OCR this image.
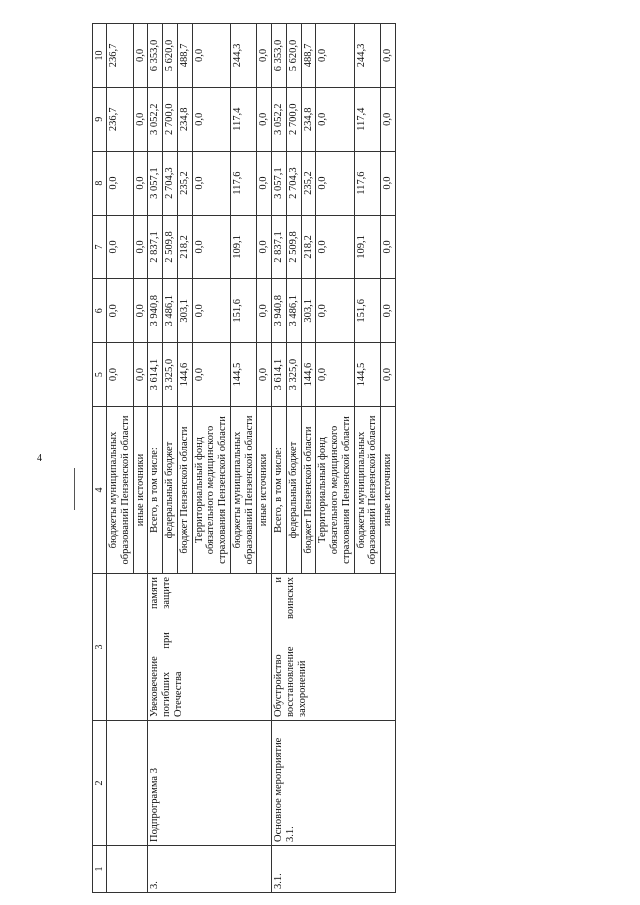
4
1	2	3	4	5	6	7	8	9	10
			бюджеты муниципальных образований Пензенской области	0,0	0,0	0,0	0,0	236,7	236,7
			иные источники	0,0	0,0	0,0	0,0	0,0	0,0
3.	Подпрограмма 3	Увековечение памяти погибших при защите Отечества	Всего, в том числе:	3 614,1	3 940,8	2 837,1	3 057,1	3 052,2	6 353,0
			федеральный бюджет	3 325,0	3 486,1	2 509,8	2 704,3	2 700,0	5 620,0
			бюджет Пензенской области	144,6	303,1	218,2	235,2	234,8	488,7
			Территориальный фонд обязательного медицинского страхования Пензенской области	0,0	0,0	0,0	0,0	0,0	0,0
			бюджеты муниципальных образований Пензенской области	144,5	151,6	109,1	117,6	117,4	244,3
			иные источники	0,0	0,0	0,0	0,0	0,0	0,0
3.1.	Основное мероприятие 3.1.	Обустройство и восстановление воинских захоронений	Всего, в том числе:	3 614,1	3 940,8	2 837,1	3 057,1	3 052,2	6 353,0
			федеральный бюджет	3 325,0	3 486,1	2 509,8	2 704,3	2 700,0	5 620,0
			бюджет Пензенской области	144,6	303,1	218,2	235,2	234,8	488,7
			Территориальный фонд обязательного медицинского страхования Пензенской области	0,0	0,0	0,0	0,0	0,0	0,0
			бюджеты муниципальных образований Пензенской области	144,5	151,6	109,1	117,6	117,4	244,3
			иные источники	0,0	0,0	0,0	0,0	0,0	0,0
